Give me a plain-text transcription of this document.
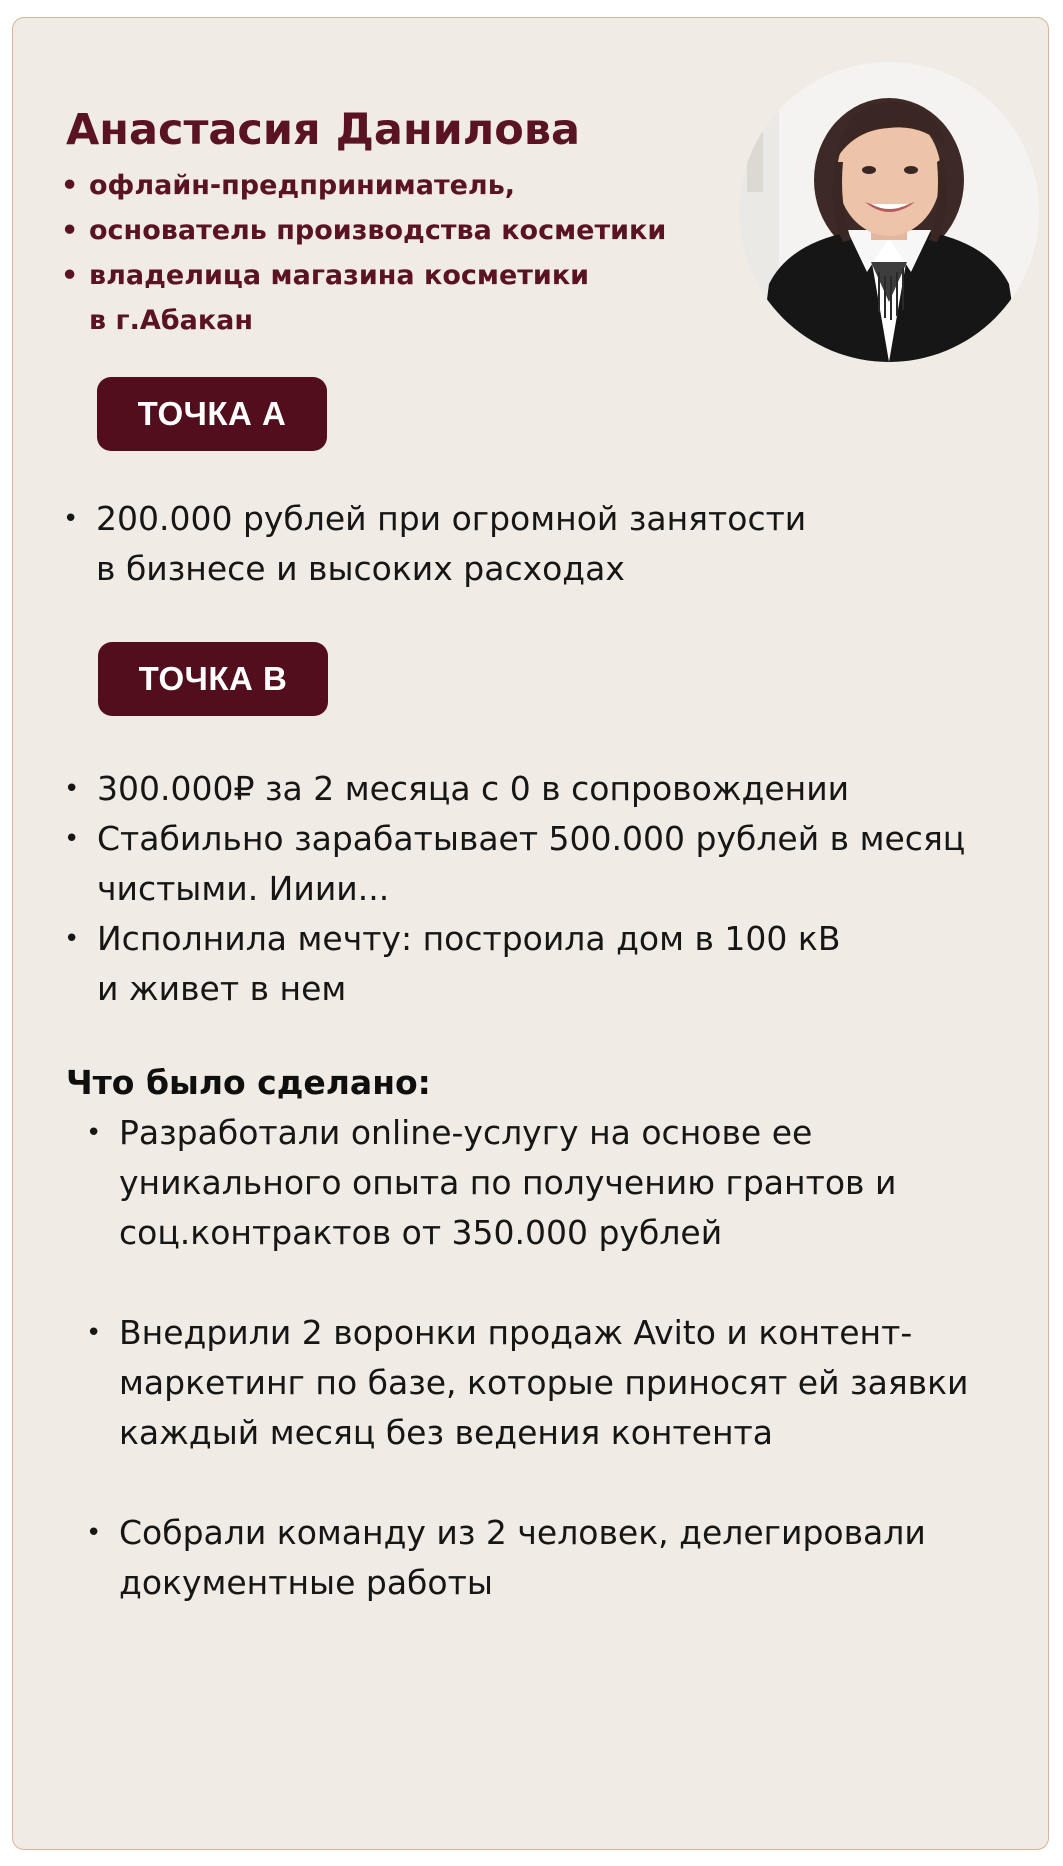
Анастасия Данилова
• офлайн-предприниматель,
• основатель производства косметики
• владелица магазина косметики
в г.Абакан
ТОЧКА А
• 200.000 рублей при огромной занятости
в бизнесе и высоких расходах
ТОЧКА B
• 300.000₽ за 2 месяца с 0 в сопровождении
• Стабильно зарабатывает 500.000 рублей в месяц
чистыми. Ииии...
• Исполнила мечту: построила дом в 100 кВ
и живет в нем
Что было сделано:
• Разработали online-услугу на основе ее
уникального опыта по получению грантов и
соц.контрактов от 350.000 рублей
• Внедрили 2 воронки продаж Avito и контент-
маркетинг по базе, которые приносят ей заявки
каждый месяц без ведения контента
• Собрали команду из 2 человек, делегировали
документные работы
